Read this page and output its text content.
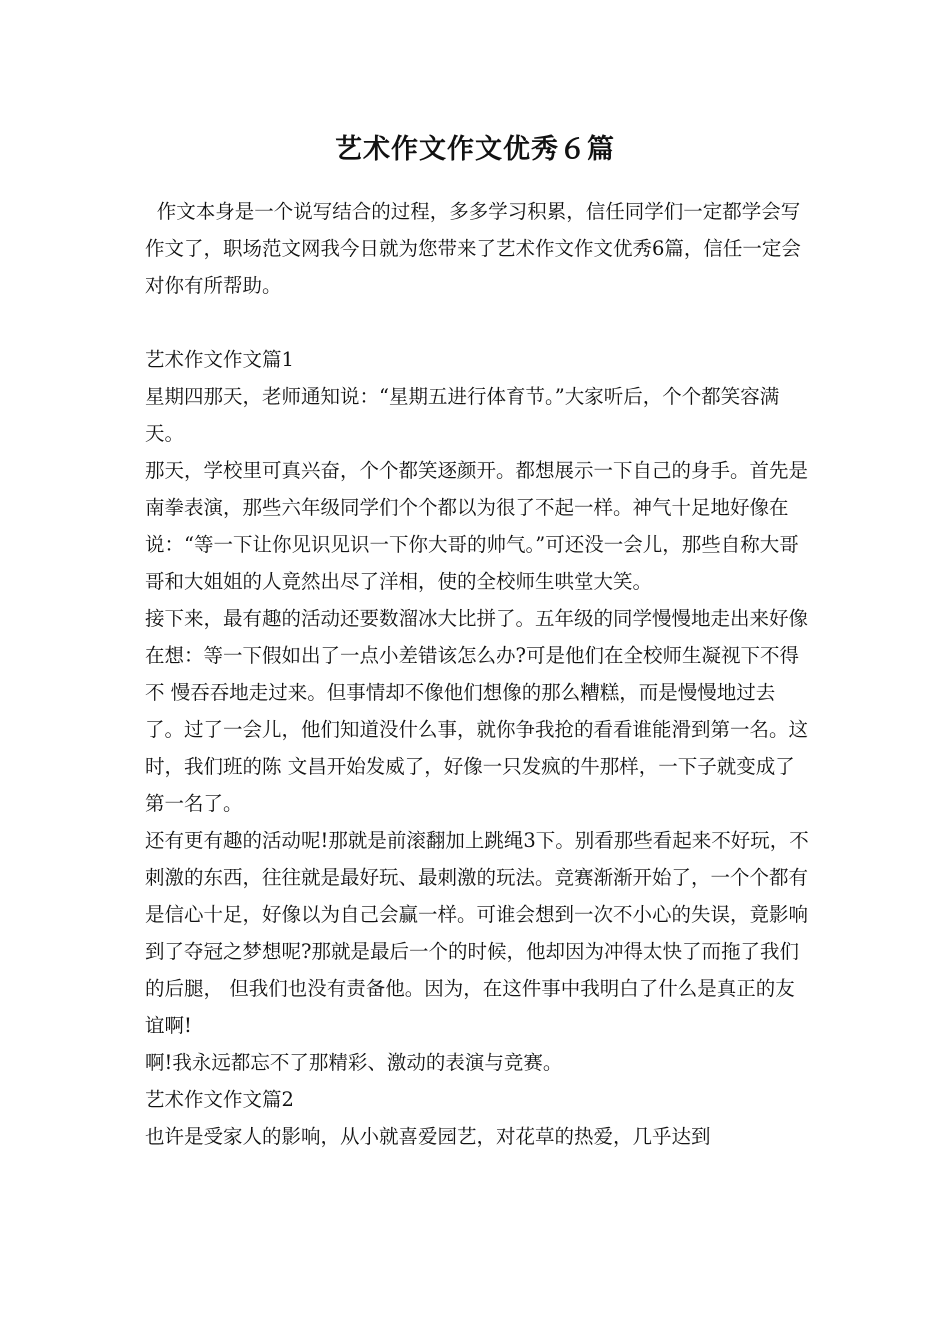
艺术作文作文优秀６篇

作文本身是一个说写结合的过程，多多学习积累，信任同学们一定都学会写作文了，职场范文网我今日就为您带来了艺术作文作文优秀6篇，信任一定会对你有所帮助。

艺术作文作文篇1

星期四那天，老师通知说：“星期五进行体育节。”大家听后，个个都笑容满天。

那天，学校里可真兴奋，个个都笑逐颜开。都想展示一下自己的身手。首先是南拳表演，那些六年级同学们个个都以为很了不起一样。神气十足地好像在说：“等一下让你见识见识一下你大哥的帅气。”可还没一会儿，那些自称大哥哥和大姐姐的人竟然出尽了洋相，使的全校师生哄堂大笑。

接下来，最有趣的活动还要数溜冰大比拼了。五年级的同学慢慢地走出来好像在想：等一下假如出了一点小差错该怎么办?可是他们在全校师生凝视下不得不 慢吞吞地走过来。但事情却不像他们想像的那么糟糕，而是慢慢地过去了。过了一会儿，他们知道没什么事，就你争我抢的看看谁能滑到第一名。这时，我们班的陈 文昌开始发威了，好像一只发疯的牛那样，一下子就变成了第一名了。

还有更有趣的活动呢!那就是前滚翻加上跳绳3下。别看那些看起来不好玩，不刺激的东西，往往就是最好玩、最刺激的玩法。竞赛渐渐开始了，一个个都有 是信心十足，好像以为自己会赢一样。可谁会想到一次不小心的失误，竟影响到了夺冠之梦想呢?那就是最后一个的时候，他却因为冲得太快了而拖了我们的后腿， 但我们也没有责备他。因为，在这件事中我明白了什么是真正的友谊啊!

啊!我永远都忘不了那精彩、激动的表演与竞赛。

艺术作文作文篇2

也许是受家人的影响，从小就喜爱园艺，对花草的热爱，几乎达到
